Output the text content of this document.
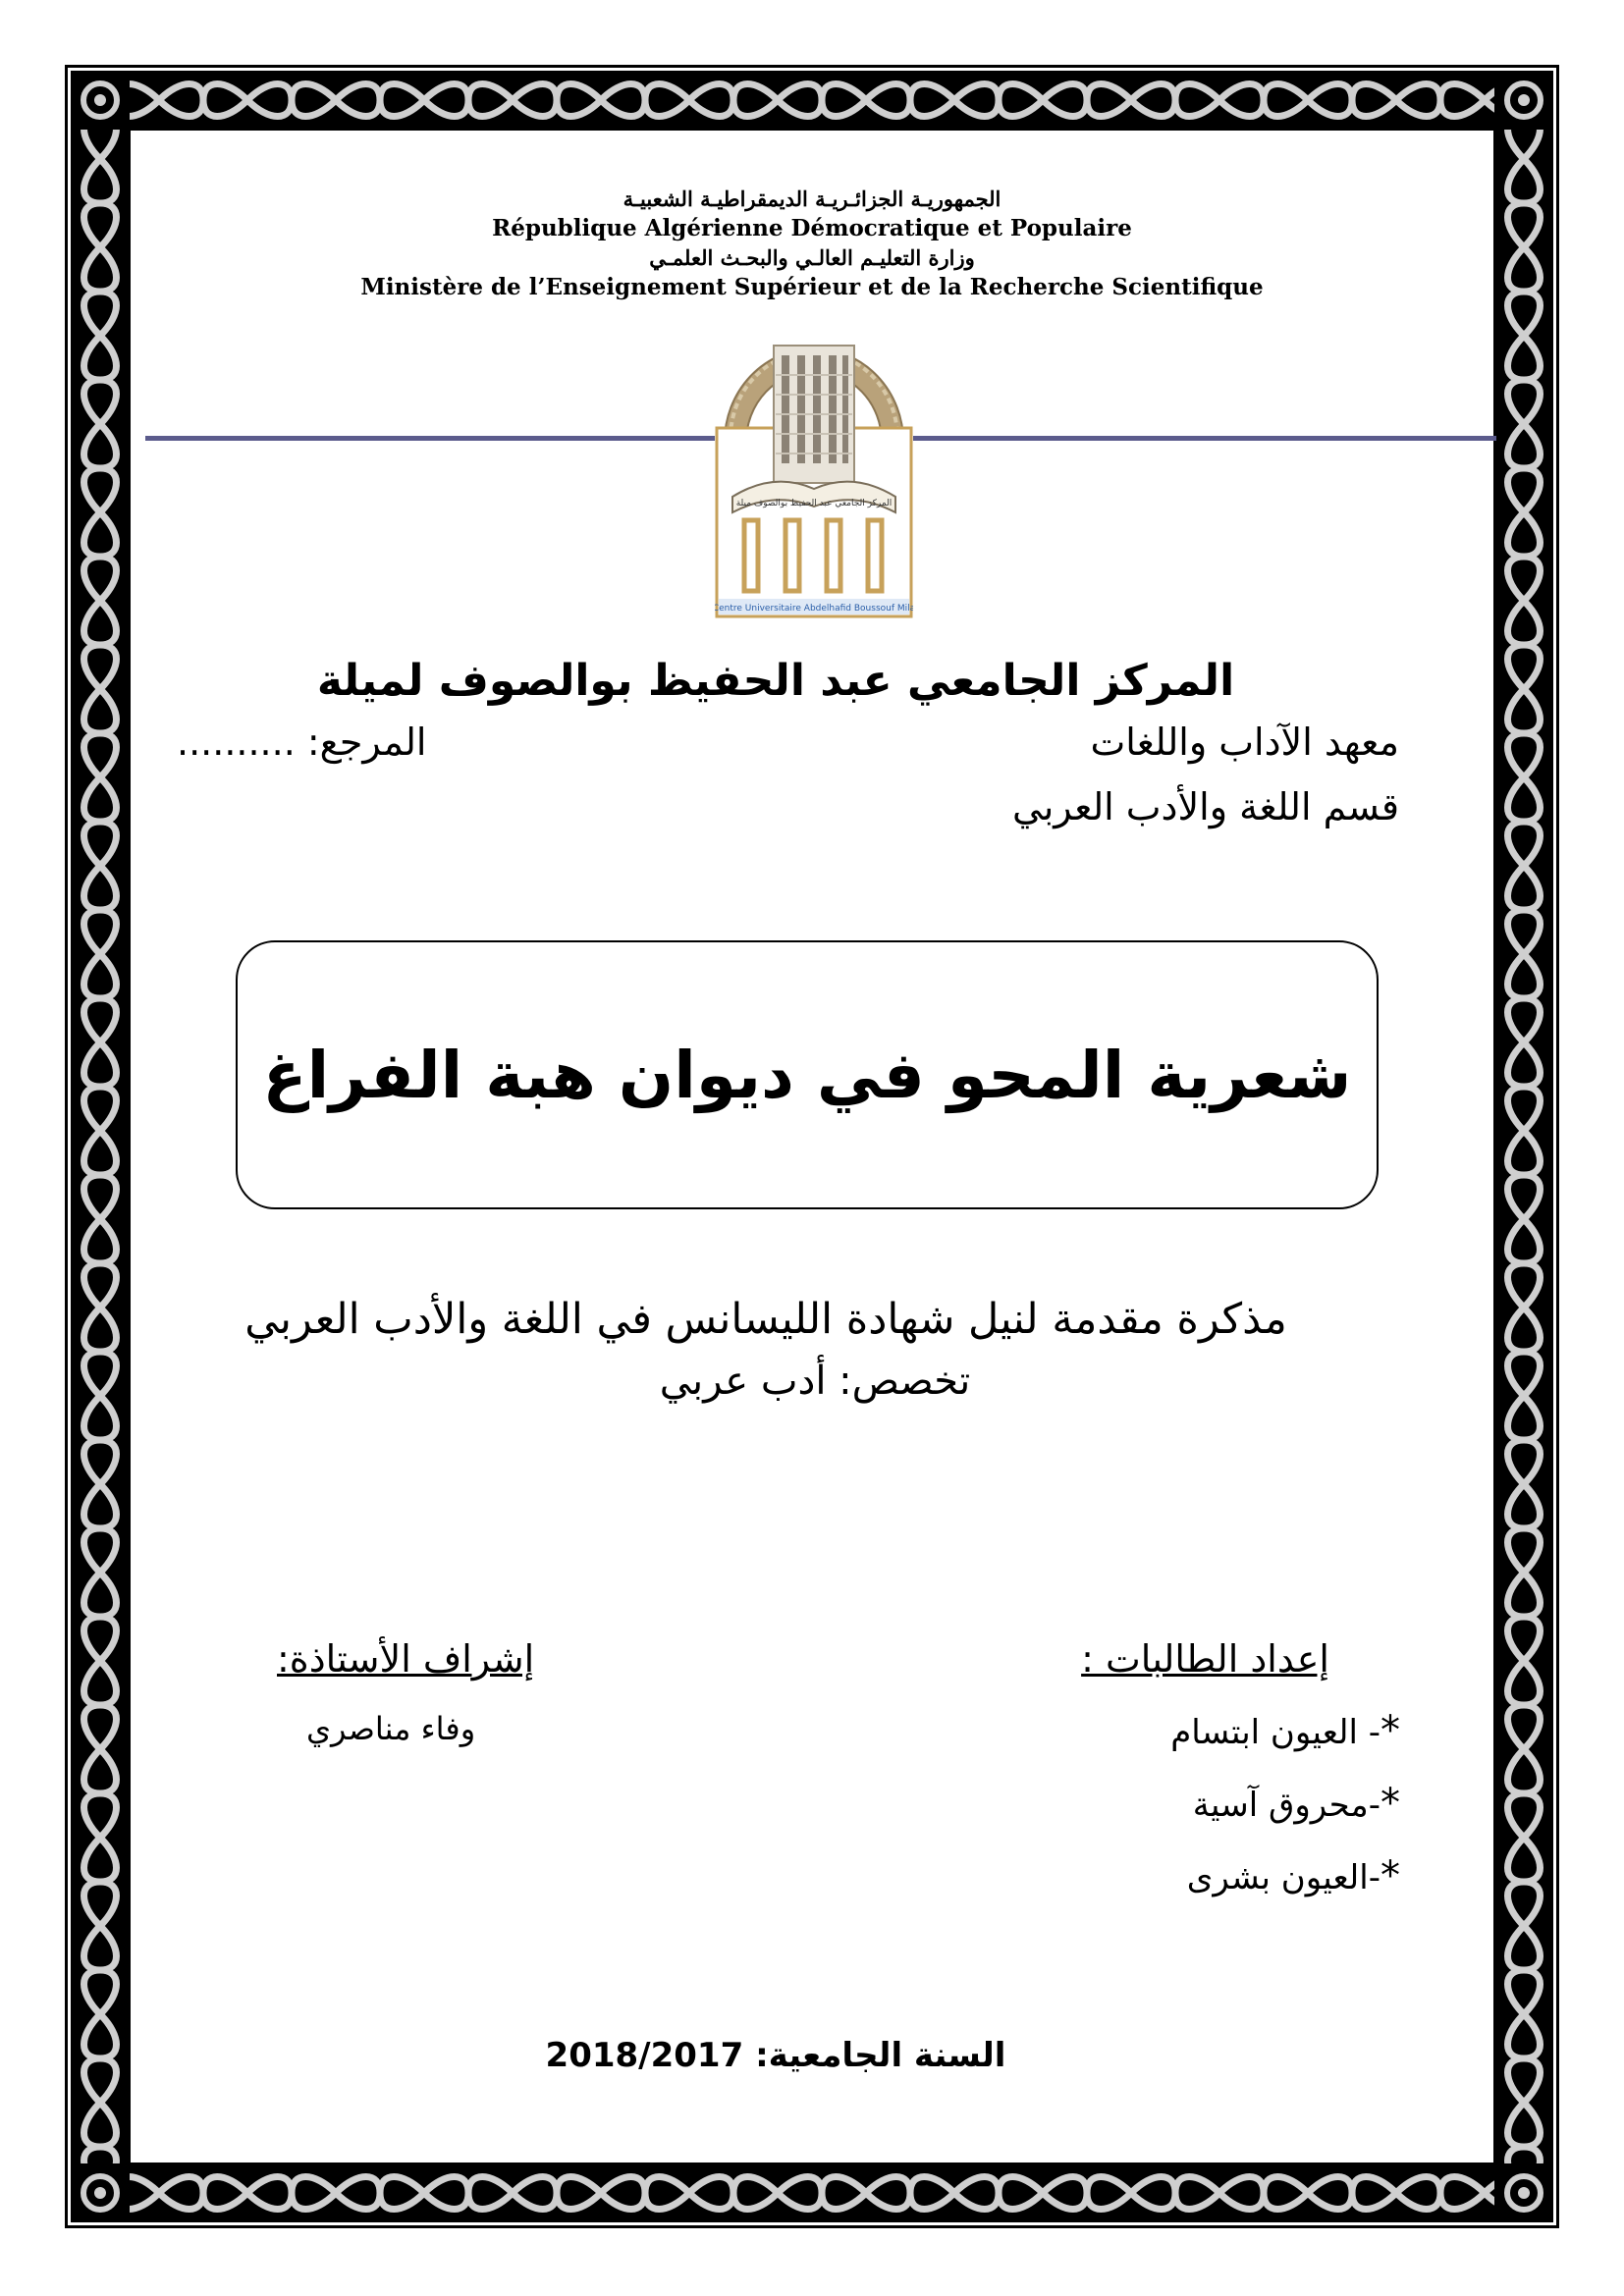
الجمهوريـة الجزائـريـة الديمقراطيـة الشعبيـة
République Algérienne Démocratique et Populaire
وزارة التعليـم العالـي والبحـث العلمـي
Ministère de l’Enseignement Supérieur et de la Recherche Scientifique
المركز الجامعي عبد الحفيظ بوالصوف ميلة
Centre Universitaire Abdelhafid Boussouf Mila
المركز الجامعي عبد الحفيظ بوالصوف لميلة
معهد الآداب واللغات
المرجع: ..........
قسم اللغة والأدب العربي
شعرية المحو في ديوان هبة الفراغ
مذكرة مقدمة لنيل شهادة الليسانس في اللغة والأدب العربي
تخصص: أدب عربي
إعداد الطالبات :
*- العيون ابتسام
*-محروق آسية
*-العيون بشرى
إشراف الأستاذة:
وفاء مناصري
السنة الجامعية: 2018/2017
